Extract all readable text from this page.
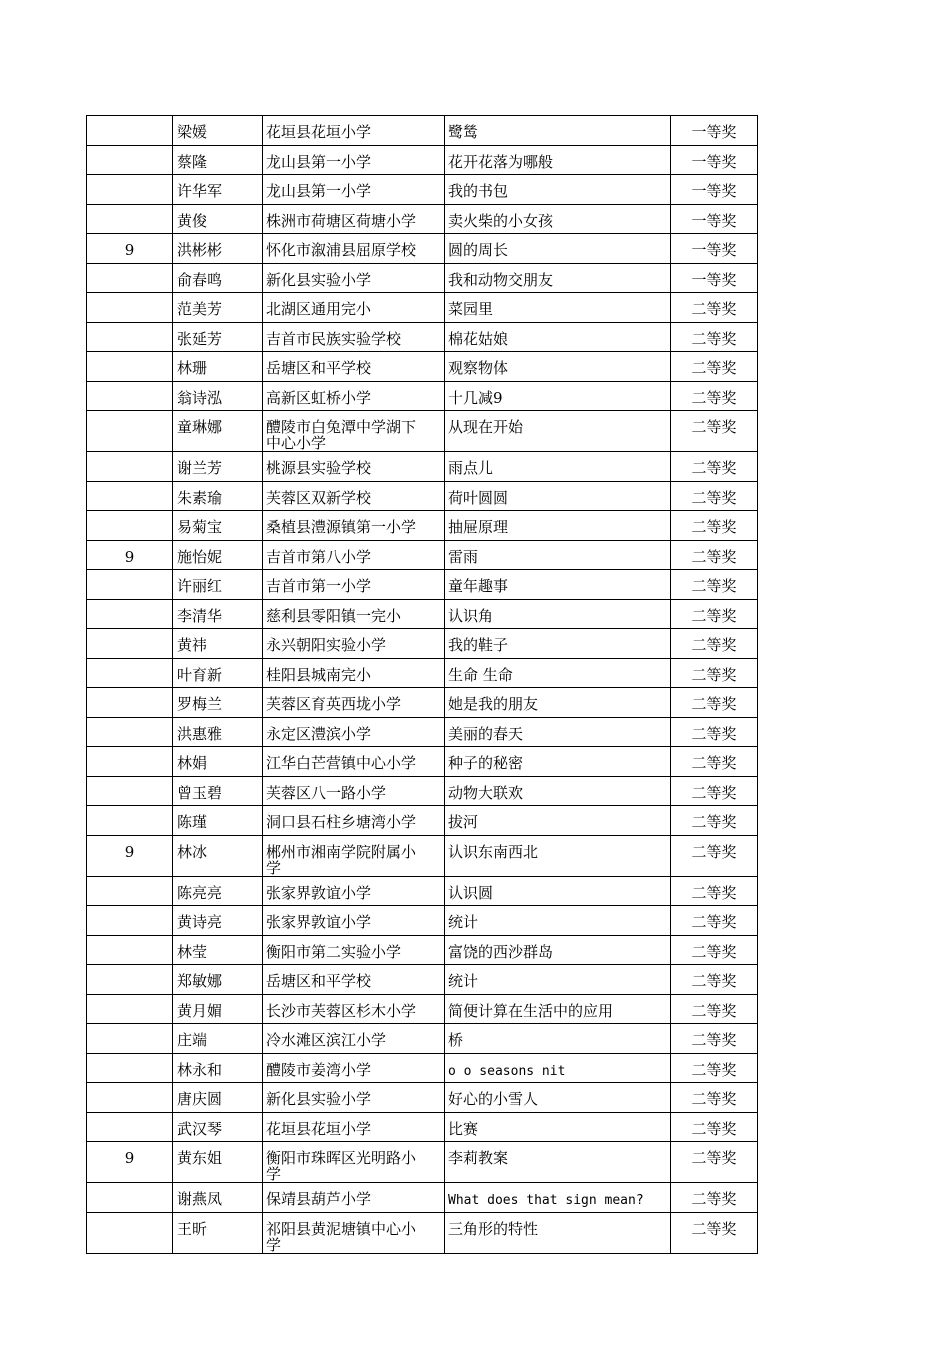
	梁媛	花垣县花垣小学	鹭鸶	一等奖
	蔡隆	龙山县第一小学	花开花落为哪般	一等奖
	许华军	龙山县第一小学	我的书包	一等奖
	黄俊	株洲市荷塘区荷塘小学	卖火柴的小女孩	一等奖
9	洪彬彬	怀化市溆浦县屈原学校	圆的周长	一等奖
	俞春鸣	新化县实验小学	我和动物交朋友	一等奖
	范美芳	北湖区通用完小	菜园里	二等奖
	张延芳	吉首市民族实验学校	棉花姑娘	二等奖
	林珊	岳塘区和平学校	观察物体	二等奖
	翁诗泓	高新区虹桥小学	十几减9	二等奖
	童琳娜	醴陵市白兔潭中学湖下中心小学	从现在开始	二等奖
	谢兰芳	桃源县实验学校	雨点儿	二等奖
	朱素瑜	芙蓉区双新学校	荷叶圆圆	二等奖
	易菊宝	桑植县澧源镇第一小学	抽屉原理	二等奖
9	施怡妮	吉首市第八小学	雷雨	二等奖
	许丽红	吉首市第一小学	童年趣事	二等奖
	李清华	慈利县零阳镇一完小	认识角	二等奖
	黄祎	永兴朝阳实验小学	我的鞋子	二等奖
	叶育新	桂阳县城南完小	生命 生命	二等奖
	罗梅兰	芙蓉区育英西垅小学	她是我的朋友	二等奖
	洪惠雅	永定区澧滨小学	美丽的春天	二等奖
	林娟	江华白芒营镇中心小学	种子的秘密	二等奖
	曾玉碧	芙蓉区八一路小学	动物大联欢	二等奖
	陈瑾	洞口县石柱乡塘湾小学	拔河	二等奖
9	林冰	郴州市湘南学院附属小学	认识东南西北	二等奖
	陈亮亮	张家界敦谊小学	认识圆	二等奖
	黄诗亮	张家界敦谊小学	统计	二等奖
	林莹	衡阳市第二实验小学	富饶的西沙群岛	二等奖
	郑敏娜	岳塘区和平学校	统计	二等奖
	黄月媚	长沙市芙蓉区杉木小学	简便计算在生活中的应用	二等奖
	庄端	冷水滩区滨江小学	桥	二等奖
	林永和	醴陵市姜湾小学	o o seasons nit	二等奖
	唐庆圆	新化县实验小学	好心的小雪人	二等奖
	武汉琴	花垣县花垣小学	比赛	二等奖
9	黄东姐	衡阳市珠晖区光明路小学	李莉教案	二等奖
	谢燕凤	保靖县葫芦小学	What does that sign mean?	二等奖
	王昕	祁阳县黄泥塘镇中心小学	三角形的特性	二等奖
